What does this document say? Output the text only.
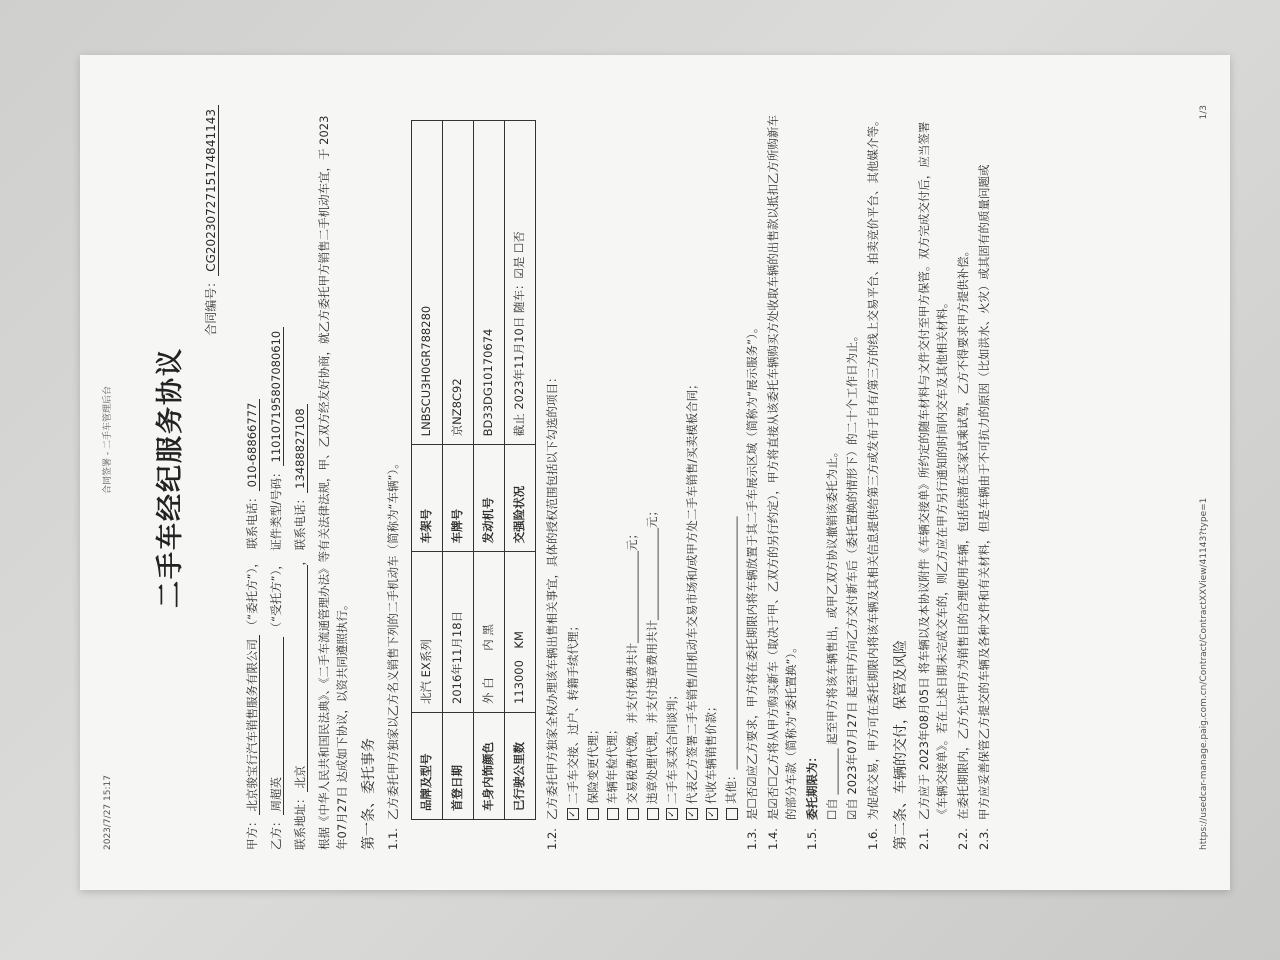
2023/7/27 15:17
合同签署 - 二手车管理后台 二手车经纪服务协议
合同编号：CG2023072715174841143
甲方：北京骏宝行汽车销售服务有限公司 （“委托方”），  联系电话：010-68866777
乙方：周超英 （“受托方”），  证件类型/号码：110107195807080610
联系地址：北京， 联系电话：13488827108 根据《中华人民共和国民法典》、《二手车流通管理办法》等有关法律法规，甲、乙双方经友好协商，就乙方委托甲方销售二手机动车宜，于 2023年07月27日 达成如下协议，以资共同遵照执行。 第一条、委托事务 1.1.
乙方委托甲方独家以乙方名义销售下列的二手机动车（简称为“车辆”）。 品牌及型号	北汽 EX系列	车架号	LNBSCU3H0GR788280
首登日期	2016年11月18日	车牌号	京NZ8C92
车身内饰颜色	外 白　　 内 黑	发动机号	BD33DG10170674
已行驶公里数	113000　KM	交强险状况	截止 2023年11月10日 随车：☑是 ☐否
1.2.
乙方委托甲方独家全权办理该车辆出售相关事宜，具体的授权范围包括以下勾选的项目：	✓二手车交接、过户、转籍手续代理； 保险变更代理； 车辆年检代理； 交易税费代缴，并支付税费共计________________元； 违章处理代理，并支付违章费用共计________________元；
✓二手车买卖合同谈判；
✓代表乙方签署二手车销售/旧机动车交易市场和/或甲方处二手车销售/买卖模板合同；
✓代收车辆销售价款； 其他：____________________________________________
1.3.
是☐否☑应乙方要求，甲方将在委托期限内将车辆放置于其二手车展示区域（简称为“展示服务”）。
1.4.
是☑否☐乙方将从甲方购买新车（取决于甲、乙双方的另行约定），甲方将直接从该委托车辆购买方处收取车辆的出售款以抵扣乙方所购新车的部分车款（简称为“委托置换”）。
1.5.
委托期限为： ☐自 ________ 起至甲方将该车辆售出，或甲乙双方协议撤销该委托为止。 ☑自 2023年07月27日 起至甲方向乙方交付新车后（委托置换的情形下）的二十个工作日为止。
1.6.
为促成交易，甲方可在委托期限内将该车辆及其相关信息提供给第三方或发布于自有/第三方的线上交易平台、拍卖竞价平台、其他媒介等。 第二条、车辆的交付，保管及风险 2.1.
乙方应于 2023年08月05日 将车辆以及本协议附件《车辆交接单》所约定的随车材料与文件交付至甲方保管。双方完成交付后，应当签署《车辆交接单》。若在上述日期未完成交车的，则乙方应在甲方另行通知的时间内交车及其他相关材料。
2.2.
在委托期限内，乙方允许甲方为销售目的合理使用车辆，包括供潜在买家试乘试驾，乙方不得要求甲方提供补偿。
2.3.
甲方应妥善保管乙方提交的车辆及各种文件和有关材料，但是车辆由于不可抗力的原因（比如洪水、火灾）或其固有的质量问题或	https://usedcar-manage.paig.com.cn/Contract/ContractXXView/41143?type=1
1/3
